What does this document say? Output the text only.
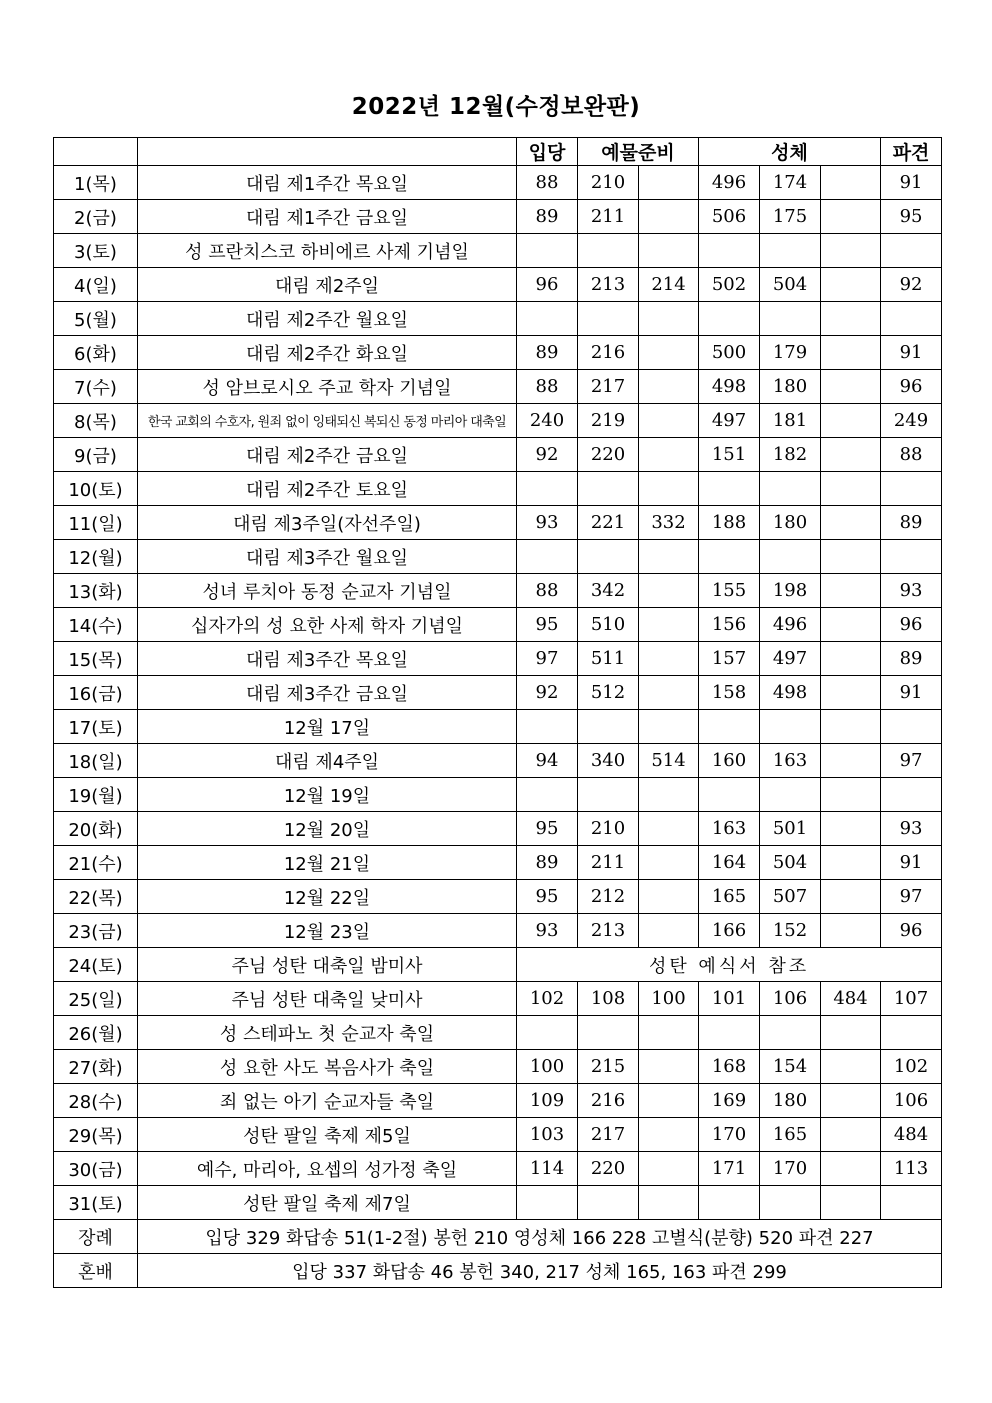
2022년 12월(수정보완판)
		입당	예물준비		성체			파견
1(목)	대림 제1주간 목요일	88	210		496	174		91
2(금)	대림 제1주간 금요일	89	211		506	175		95
3(토)	성 프란치스코 하비에르 사제 기념일							
4(일)	대림 제2주일	96	213	214	502	504		92
5(월)	대림 제2주간 월요일							
6(화)	대림 제2주간 화요일	89	216		500	179		91
7(수)	성 암브로시오 주교 학자 기념일	88	217		498	180		96
8(목)	한국 교회의 수호자, 원죄 없이 잉태되신 복되신 동정 마리아 대축일	240	219		497	181		249
9(금)	대림 제2주간 금요일	92	220		151	182		88
10(토)	대림 제2주간 토요일							
11(일)	대림 제3주일(자선주일)	93	221	332	188	180		89
12(월)	대림 제3주간 월요일							
13(화)	성녀 루치아 동정 순교자 기념일	88	342		155	198		93
14(수)	십자가의 성 요한 사제 학자 기념일	95	510		156	496		96
15(목)	대림 제3주간 목요일	97	511		157	497		89
16(금)	대림 제3주간 금요일	92	512		158	498		91
17(토)	12월 17일							
18(일)	대림 제4주일	94	340	514	160	163		97
19(월)	12월 19일							
20(화)	12월 20일	95	210		163	501		93
21(수)	12월 21일	89	211		164	504		91
22(목)	12월 22일	95	212		165	507		97
23(금)	12월 23일	93	213		166	152		96
24(토)	주님 성탄 대축일 밤미사	성탄 예식서 참조						
25(일)	주님 성탄 대축일 낮미사	102	108	100	101	106	484	107
26(월)	성 스테파노 첫 순교자 축일							
27(화)	성 요한 사도 복음사가 축일	100	215		168	154		102
28(수)	죄 없는 아기 순교자들 축일	109	216		169	180		106
29(목)	성탄 팔일 축제 제5일	103	217		170	165		484
30(금)	예수, 마리아, 요셉의 성가정 축일	114	220		171	170		113
31(토)	성탄 팔일 축제 제7일							
장례	입당 329 화답송 51(1-2절) 봉헌 210 영성체 166 228 고별식(분향) 520 파견 227							
혼배	입당 337 화답송 46 봉헌 340, 217 성체 165, 163 파견 299							
